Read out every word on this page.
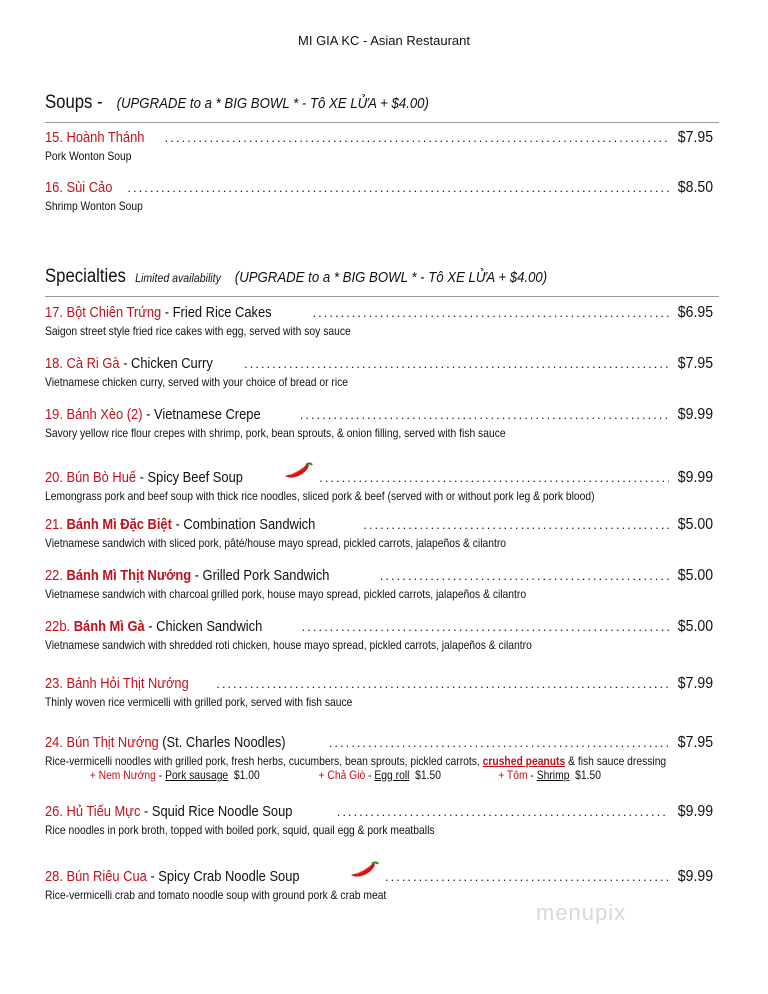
MI GIA KC - Asian Restaurant
Soups - (UPGRADE to a * BIG BOWL * - Tô XE LỬA + $4.00)
15. Hoành Thánh .....	$7.95
Pork Wonton Soup
16. Sùi Cảo .....	$8.50
Shrimp Wonton Soup
Specialties Limited availability (UPGRADE to a * BIG BOWL * - Tô XE LỬA + $4.00)
17. Bột Chiên Trứng - Fried Rice Cakes .....	$6.95
Saigon street style fried rice cakes with egg, served with soy sauce
18. Cà Ri Gà - Chicken Curry .....	$7.95
Vietnamese chicken curry, served with your choice of bread or rice
19. Bánh Xèo (2) - Vietnamese Crepe .....	$9.99
Savory yellow rice flour crepes with shrimp, pork, bean sprouts, & onion filling, served with fish sauce
20. Bún Bò Huế - Spicy Beef Soup .....	$9.99
Lemongrass pork and beef soup with thick rice noodles, sliced pork & beef (served with or without pork leg & pork blood)
21. Bánh Mì Đặc Biệt - Combination Sandwich .....	$5.00
Vietnamese sandwich with sliced pork, pâté/house mayo spread, pickled carrots, jalapeños & cilantro
22. Bánh Mì Thịt Nướng - Grilled Pork Sandwich .....	$5.00
Vietnamese sandwich with charcoal grilled pork, house mayo spread, pickled carrots, jalapeños & cilantro
22b. Bánh Mì Gà - Chicken Sandwich .....	$5.00
Vietnamese sandwich with shredded roti chicken, house mayo spread, pickled carrots, jalapeños & cilantro
23. Bánh Hỏi Thịt Nướng .....	$7.99
Thinly woven rice vermicelli with grilled pork, served with fish sauce
24. Bún Thịt Nướng (St. Charles Noodles) .....	$7.95
Rice-vermicelli noodles with grilled pork, fresh herbs, cucumbers, bean sprouts, pickled carrots, crushed peanuts & fish sauce dressing
+ Nem Nướng - Pork sausage $1.00	+ Chả Giò - Egg roll $1.50	+ Tôm - Shrimp $1.50
26. Hủ Tiếu Mực - Squid Rice Noodle Soup .....	$9.99
Rice noodles in pork broth, topped with boiled pork, squid, quail egg & pork meatballs
28. Bún Riêu Cua - Spicy Crab Noodle Soup .....	$9.99
Rice-vermicelli crab and tomato noodle soup with ground pork & crab meat
menupix
